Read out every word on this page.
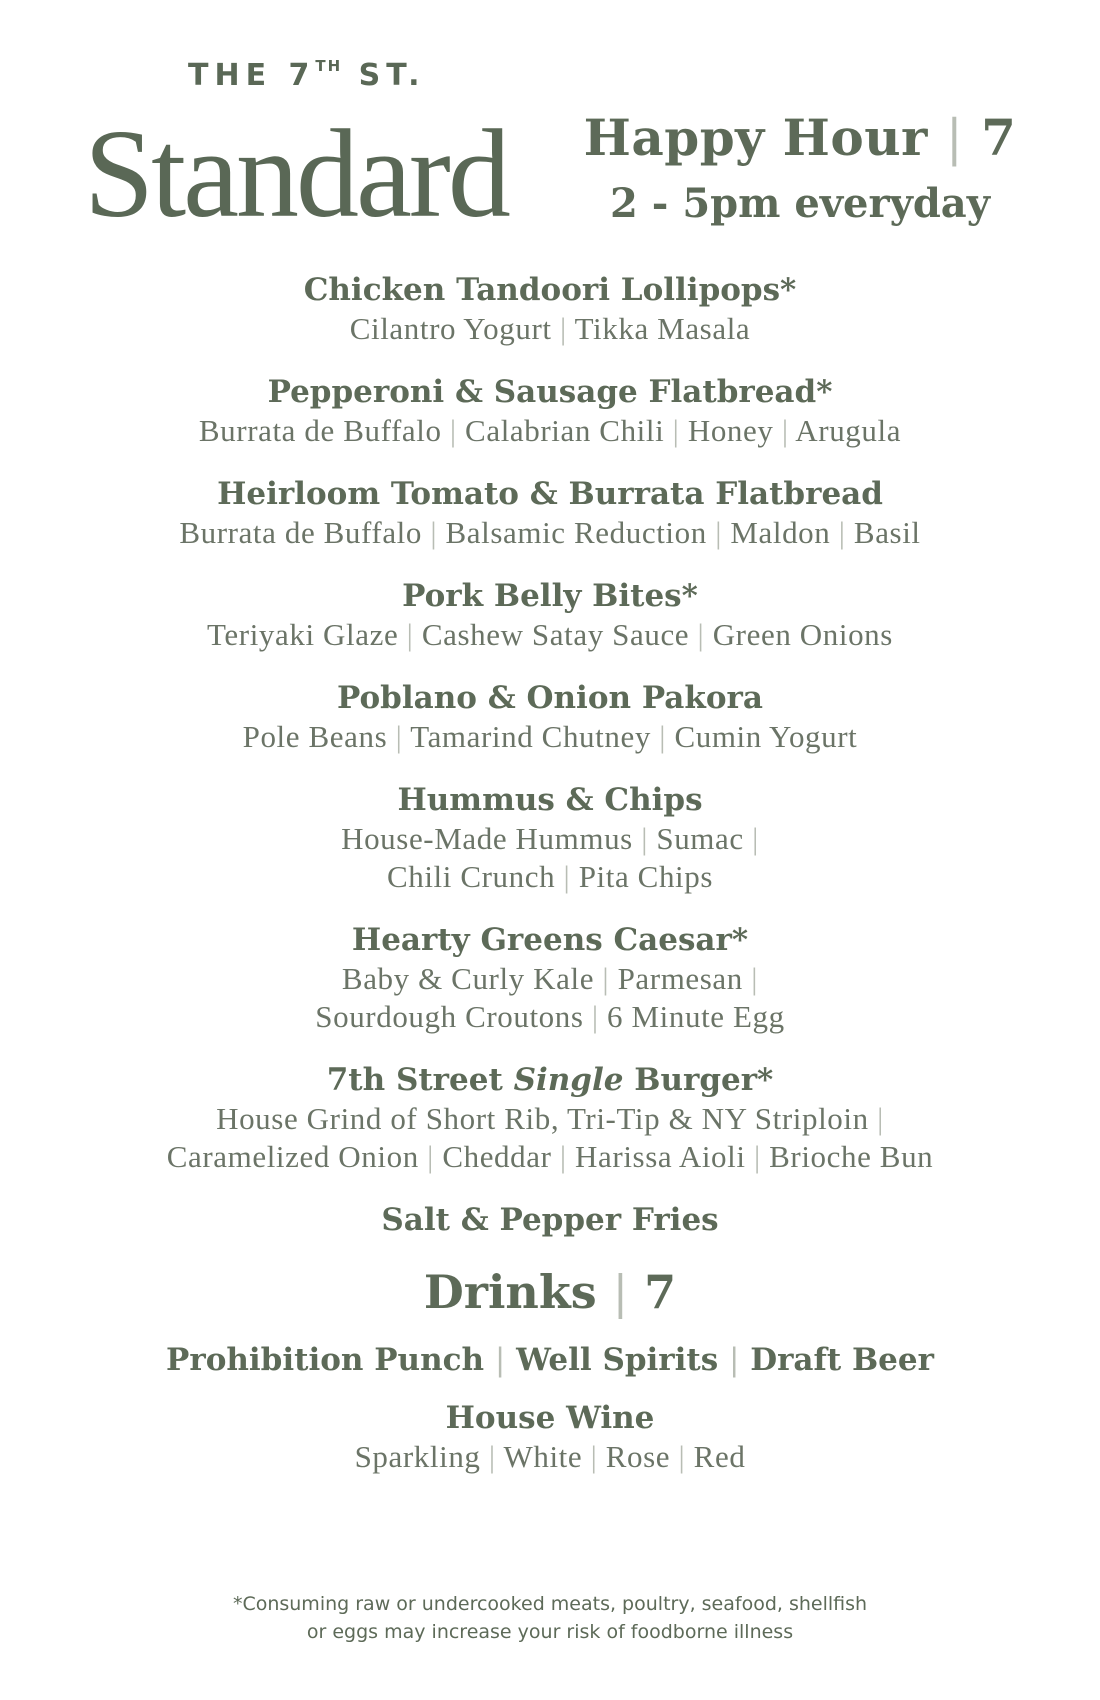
THE 7TH ST.
Standard Happy Hour | 7
2 - 5pm everyday
Chicken Tandoori Lollipops*
Cilantro Yogurt | Tikka Masala
Pepperoni & Sausage Flatbread*
Burrata de Buffalo | Calabrian Chili | Honey | Arugula
Heirloom Tomato & Burrata Flatbread
Burrata de Buffalo | Balsamic Reduction | Maldon | Basil
Pork Belly Bites*
Teriyaki Glaze | Cashew Satay Sauce | Green Onions
Poblano & Onion Pakora
Pole Beans | Tamarind Chutney | Cumin Yogurt
Hummus & Chips
House-Made Hummus | Sumac |
Chili Crunch | Pita Chips
Hearty Greens Caesar*
Baby & Curly Kale | Parmesan |
Sourdough Croutons | 6 Minute Egg
7th Street Single Burger*
House Grind of Short Rib, Tri-Tip & NY Striploin |
Caramelized Onion | Cheddar | Harissa Aioli | Brioche Bun
Salt & Pepper Fries
Drinks | 7
Prohibition Punch | Well Spirits | Draft Beer
House Wine
Sparkling | White | Rose | Red
*Consuming raw or undercooked meats, poultry, seafood, shellfish
or eggs may increase your risk of foodborne illness
